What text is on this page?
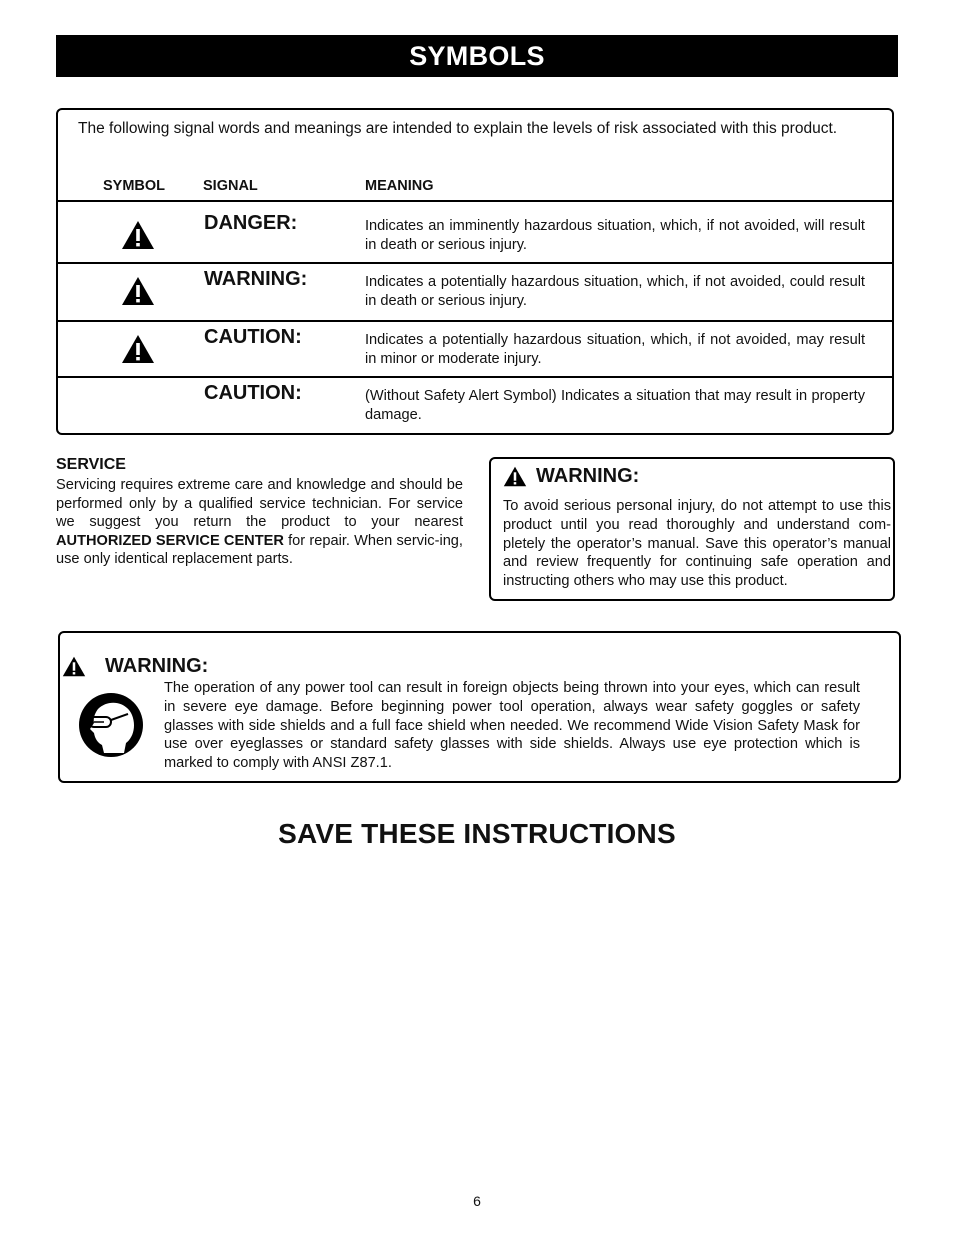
SYMBOLS
The following signal words and meanings are intended to explain the levels of risk associated with this product.
SYMBOL	SIGNAL	MEANING
DANGER:	Indicates an imminently hazardous situation, which, if not avoided, will result in death or serious injury.
WARNING:	Indicates a potentially hazardous situation, which, if not avoided, could result in death or serious injury.
CAUTION:	Indicates a potentially hazardous situation, which, if not avoided, may result in minor or moderate injury.
CAUTION:	(Without Safety Alert Symbol) Indicates a situation that may result in property damage.
SERVICE
Servicing requires extreme care and knowledge and should be performed only by a qualified service technician. For service we suggest you return the product to your nearest AUTHORIZED SERVICE CENTER for repair. When servic-ing, use only identical replacement parts.
WARNING:
To avoid serious personal injury, do not attempt to use this product until you read thoroughly and understand com-pletely the operator’s manual. Save this operator’s manual and review frequently for continuing safe operation and instructing others who may use this product.
WARNING:
The operation of any power tool can result in foreign objects being thrown into your eyes, which can result in severe eye damage. Before beginning power tool operation, always wear safety goggles or safety glasses with side shields and a full face shield when needed. We recommend Wide Vision Safety Mask for use over eyeglasses or standard safety glasses with side shields. Always use eye protection which is marked to comply with ANSI Z87.1.
SAVE THESE INSTRUCTIONS
6
